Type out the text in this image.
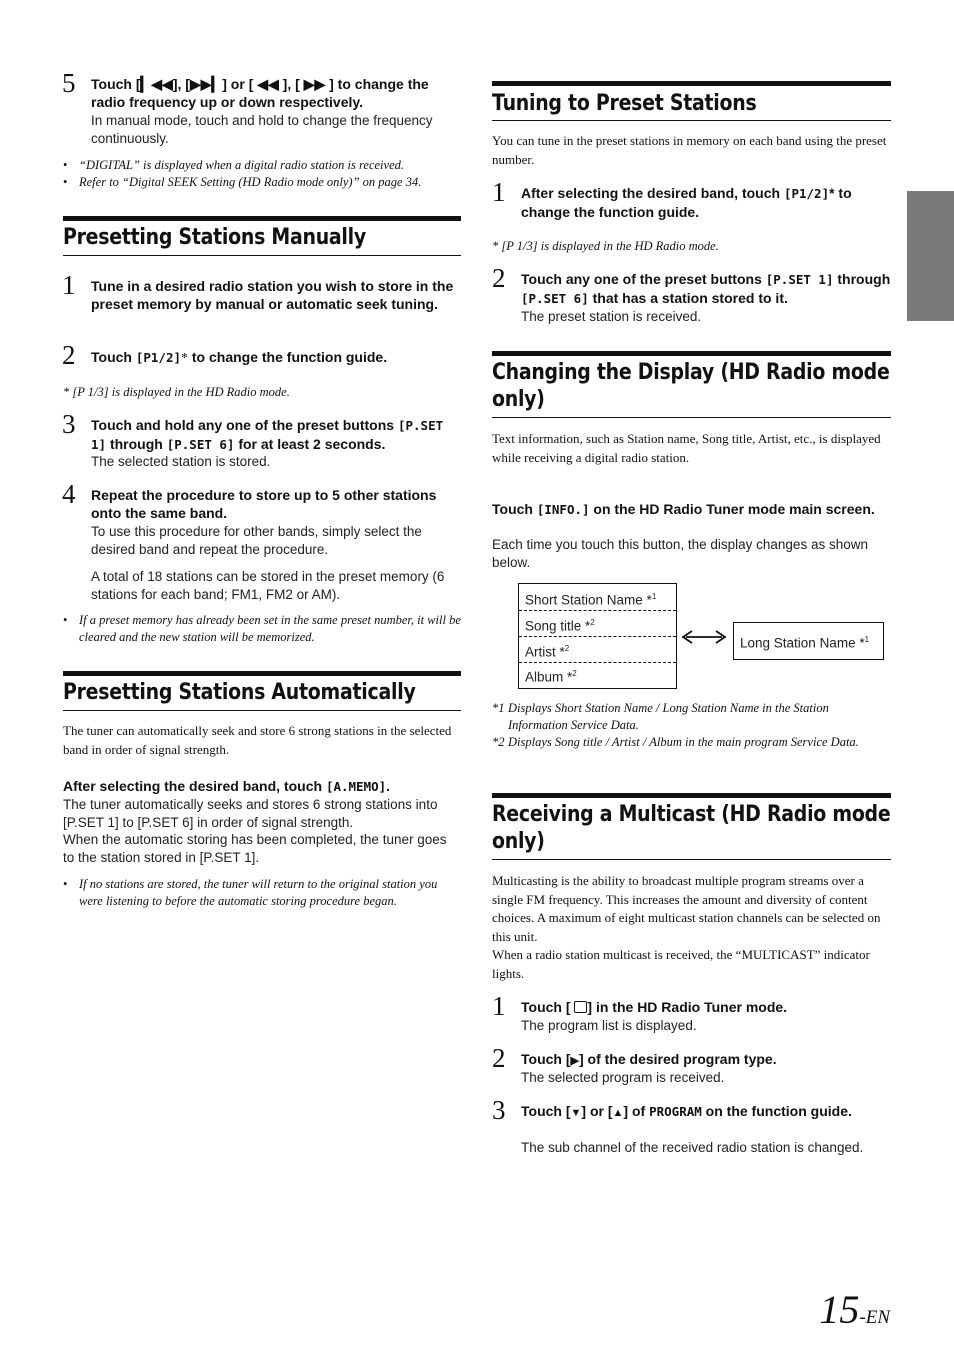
5 Touch [▎◀◀], [▶▶▎] or [ ◀◀ ], [ ▶▶ ] to change the radio frequency up or down respectively.
In manual mode, touch and hold to change the frequency continuously.
• “DIGITAL” is displayed when a digital radio station is received.
• Refer to “Digital SEEK Setting (HD Radio mode only)” on page 34.
Presetting Stations Manually
1 Tune in a desired radio station you wish to store in the preset memory by manual or automatic seek tuning.
2 Touch [P1/2]* to change the function guide.
* [P 1/3] is displayed in the HD Radio mode.
3 Touch and hold any one of the preset buttons [P.SET 1] through [P.SET 6] for at least 2 seconds.
The selected station is stored.
4 Repeat the procedure to store up to 5 other stations onto the same band.
To use this procedure for other bands, simply select the desired band and repeat the procedure.
A total of 18 stations can be stored in the preset memory (6 stations for each band; FM1, FM2 or AM).
• If a preset memory has already been set in the same preset number, it will be cleared and the new station will be memorized.
Presetting Stations Automatically
The tuner can automatically seek and store 6 strong stations in the selected band in order of signal strength.
After selecting the desired band, touch [A.MEMO].
The tuner automatically seeks and stores 6 strong stations into [P.SET 1] to [P.SET 6] in order of signal strength.
When the automatic storing has been completed, the tuner goes to the station stored in [P.SET 1].
• If no stations are stored, the tuner will return to the original station you were listening to before the automatic storing procedure began.
Tuning to Preset Stations
You can tune in the preset stations in memory on each band using the preset number.
1 After selecting the desired band, touch [P1/2]* to change the function guide.
* [P 1/3] is displayed in the HD Radio mode.
2 Touch any one of the preset buttons [P.SET 1] through [P.SET 6] that has a station stored to it.
The preset station is received.
Changing the Display (HD Radio mode
only)
Text information, such as Station name, Song title, Artist, etc., is displayed while receiving a digital radio station.
Touch [INFO.] on the HD Radio Tuner mode main screen.
Each time you touch this button, the display changes as shown below.
Short Station Name *$^1$
Song title *$^2$
Artist *$^2$
Album *$^2$
Long Station Name *$^1$
*1 Displays Short Station Name / Long Station Name in the Station Information Service Data.
*2 Displays Song title / Artist / Album in the main program Service Data.
Receiving a Multicast (HD Radio mode
only)
Multicasting is the ability to broadcast multiple program streams over a single FM frequency. This increases the amount and diversity of content choices. A maximum of eight multicast station channels can be selected on this unit.
When a radio station multicast is received, the “MULTICAST” indicator lights.
1 Touch [ ] in the HD Radio Tuner mode.
The program list is displayed.
2 Touch [▶] of the desired program type.
The selected program is received.
3 Touch [▼] or [▲] of PROGRAM on the function guide.
The sub channel of the received radio station is changed.
15-EN
